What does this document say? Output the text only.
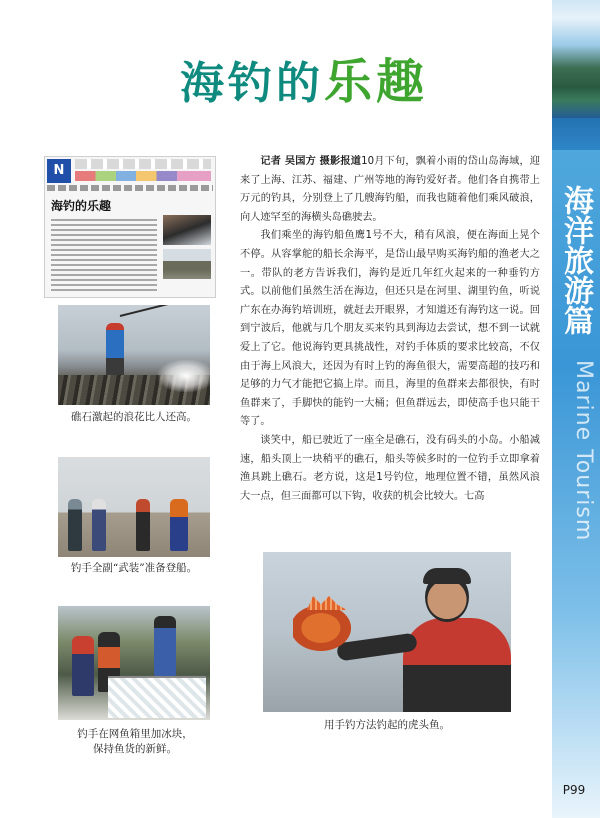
海洋旅游篇
Marine Tourism
P99
海钓的乐趣
N
海钓的乐趣
礁石激起的浪花比人还高。
钓手全副“武装”准备登船。
钓手在网鱼箱里加冰块，
保持鱼货的新鲜。
用手钓方法钓起的虎头鱼。

记者 吴国方 摄影报道10月下旬，飘着小雨的岱山岛海域，迎来了上海、江苏、福建、广州等地的海钓爱好者。他们各自携带上万元的钓具，分别登上了几艘海钓船，而我也随着他们乘风破浪，向人迹罕至的海横头岛礁驶去。

我们乘坐的海钓船鱼鹰1号不大，稍有风浪，便在海面上晃个不停。从容掌舵的船长余海平，是岱山最早购买海钓船的渔老大之一。带队的老方告诉我们，海钓是近几年红火起来的一种垂钓方式。以前他们虽然生活在海边，但还只是在河里、湖里钓鱼，听说广东在办海钓培训班，就赶去开眼界，才知道还有海钓这一说。回到宁波后，他就与几个朋友买来钓具到海边去尝试，想不到一试就爱上了它。他说海钓更具挑战性，对钓手体质的要求比较高，不仅由于海上风浪大，还因为有时上钓的海鱼很大，需要高超的技巧和足够的力气才能把它搞上岸。而且，海里的鱼群来去都很快，有时鱼群来了，手脚快的能钓一大桶；但鱼群远去，即使高手也只能干等了。

谈笑中，船已驶近了一座全是礁石，没有码头的小岛。小船减速，船头顶上一块稍平的礁石，船头等候多时的一位钓手立即拿着渔具跳上礁石。老方说，这是1号钓位，地理位置不错，虽然风浪大一点，但三面都可以下钩，收获的机会比较大。七高
